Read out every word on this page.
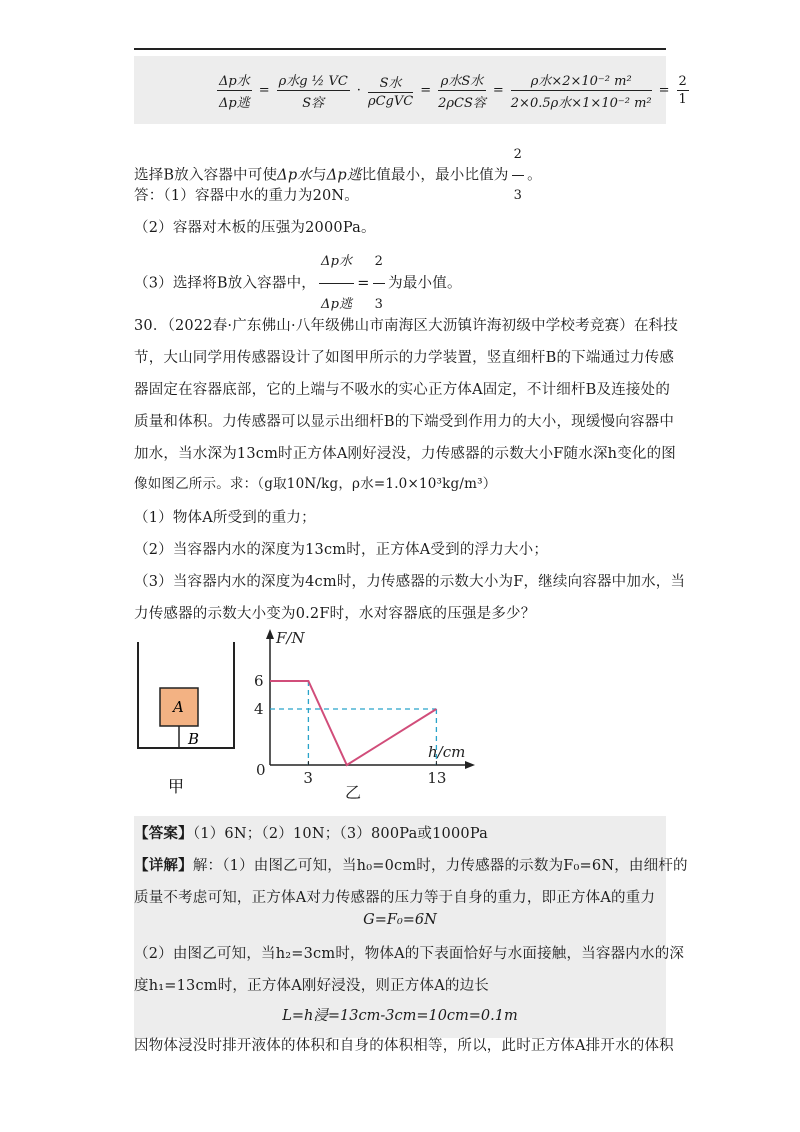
$\frac{\text{Δp水}}{\text{Δp逃}} = \frac{\text{ρ水g ½ VC}}{\text{S容}} \cdot \frac{\text{S水}}{\text{ρCgVC}} = \frac{\text{ρ水S水}}{\text{2ρCS容}} = \frac{\text{ρ水×2×10⁻² m²}}{\text{2×0.5ρ水×1×10⁻² m²}} = \frac{2}{1}$
选择B放入容器中可使Δp水与Δp逃比值最小，最小比值为 $\frac{2}{3}$ 。
答：（1）容器中水的重力为20N。
（2）容器对木板的压强为2000Pa。
（3）选择将B放入容器中， $\frac{\text{Δp水}}{\text{Δp逃}} = \frac{2}{3}$ 为最小值。
30．（2022春·广东佛山·八年级佛山市南海区大沥镇许海初级中学校考竞赛）在科技
节，大山同学用传感器设计了如图甲所示的力学装置，竖直细杆B的下端通过力传感
器固定在容器底部，它的上端与不吸水的实心正方体A固定，不计细杆B及连接处的
质量和体积。力传感器可以显示出细杆B的下端受到作用力的大小，现缓慢向容器中
加水，当水深为13cm时正方体A刚好浸没，力传感器的示数大小F随水深h变化的图
像如图乙所示。求：（g取10N/kg，ρ水=1.0×10³kg/m³）
（1）物体A所受到的重力；
（2）当容器内水的深度为13cm时，正方体A受到的浮力大小；
（3）当容器内水的深度为4cm时，力传感器的示数大小为F，继续向容器中加水，当
力传感器的示数大小变为0.2F时，水对容器底的压强是多少？
A
B
甲
F/N
h/cm
0
6
4
3	13
乙
【答案】（1）6N；（2）10N；（3）800Pa或1000Pa
【详解】解：（1）由图乙可知，当h₀=0cm时，力传感器的示数为F₀=6N，由细杆的
质量不考虑可知，正方体A对力传感器的压力等于自身的重力，即正方体A的重力
G=F₀=6N
（2）由图乙可知，当h₂=3cm时，物体A的下表面恰好与水面接触，当容器内水的深
度h₁=13cm时，正方体A刚好浸没，则正方体A的边长
L=h浸=13cm-3cm=10cm=0.1m
因物体浸没时排开液体的体积和自身的体积相等，所以，此时正方体A排开水的体积
